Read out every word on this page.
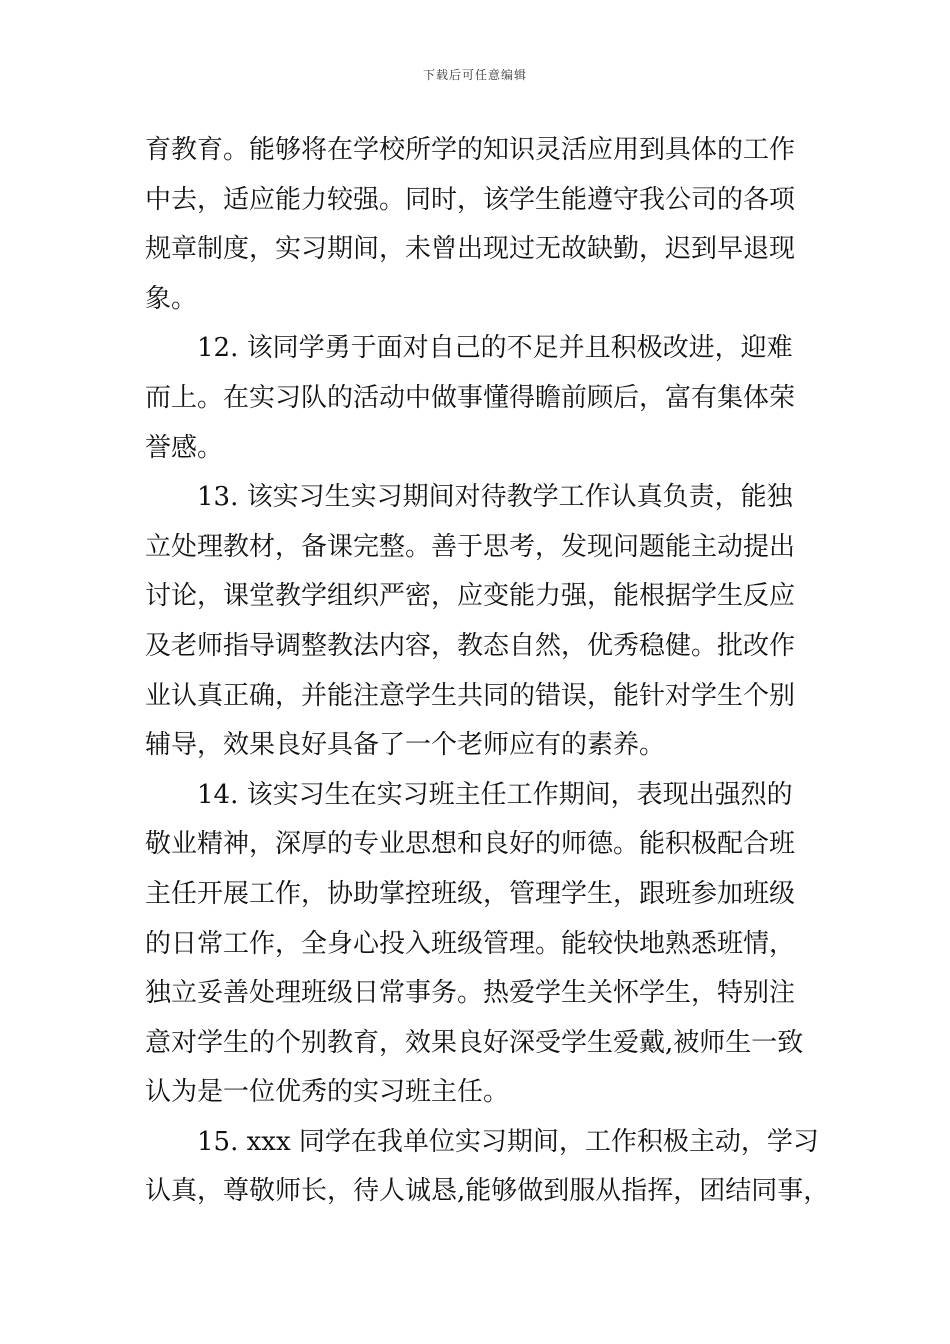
下载后可任意编辑

育教育。能够将在学校所学的知识灵活应用到具体的工作
中去，适应能力较强。同时，该学生能遵守我公司的各项
规章制度，实习期间，未曾出现过无故缺勤，迟到早退现
象。

12. 该同学勇于面对自己的不足并且积极改进，迎难
而上。在实习队的活动中做事懂得瞻前顾后，富有集体荣
誉感。

13. 该实习生实习期间对待教学工作认真负责，能独
立处理教材，备课完整。善于思考，发现问题能主动提出
讨论，课堂教学组织严密，应变能力强，能根据学生反应
及老师指导调整教法内容，教态自然，优秀稳健。批改作
业认真正确，并能注意学生共同的错误，能针对学生个别
辅导，效果良好具备了一个老师应有的素养。

14. 该实习生在实习班主任工作期间，表现出强烈的
敬业精神，深厚的专业思想和良好的师德。能积极配合班
主任开展工作，协助掌控班级，管理学生，跟班参加班级
的日常工作，全身心投入班级管理。能较快地熟悉班情，
独立妥善处理班级日常事务。热爱学生关怀学生，特别注
意对学生的个别教育，效果良好深受学生爱戴,被师生一致
认为是一位优秀的实习班主任。

15. xxx 同学在我单位实习期间，工作积极主动，学习
认真，尊敬师长，待人诚恳,能够做到服从指挥，团结同事，
